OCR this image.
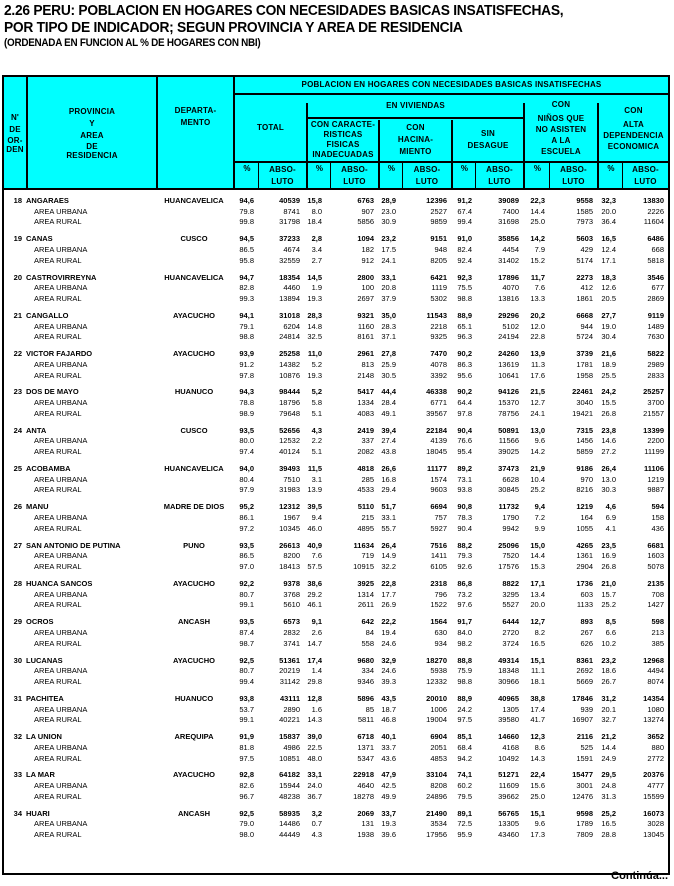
2.26 PERU: POBLACION EN HOGARES CON NECESIDADES BASICAS INSATISFECHAS,
POR TIPO DE INDICADOR; SEGUN PROVINCIA Y AREA DE RESIDENCIA
(ORDENADA EN FUNCION AL % DE HOGARES CON NBI)
N'
DE
OR-
DEN
PROVINCIA
Y
AREA
DE
RESIDENCIA
DEPARTA-
MENTO
POBLACION EN HOGARES CON NECESIDADES BASICAS INSATISFECHAS
TOTAL
EN VIVIENDAS
CON CARACTE-
RISTICAS
FISICAS
INADECUADAS
CON
HACINA-
MIENTO
SIN
DESAGUE
CON
NIÑOS QUE
NO ASISTEN
A LA
ESCUELA
CON
ALTA
DEPENDENCIA
ECONOMICA
%	ABSO-
LUTO
%	ABSO-
LUTO
%	ABSO-
LUTO
%	ABSO-
LUTO
%	ABSO-
LUTO
%	ABSO-
LUTO
18 ANGARAES	HUANCAVELICA	94,6	40539 15,8	6763 28,9	12396	91,2	39089	22,3	9558	32,3	13830
AREA URBANA	79.8	8741	8.0	907 23.0	2527	67.4	7400	14.4	1585	20.0	2226
AREA RURAL	99.8	31798 18.4	5856 30.9	9859	99.4	31698	25.0	7973	36.4	11604
19 CANAS	CUSCO	94,5	37233	2,8	1094 23,2	9151	91,0	35856	14,2	5603	16,5	6486
AREA URBANA	86.5	4674	3.4	182 17.5	948	82.4	4454	7.9	429	12.4	668
AREA RURAL	95.8	32559	2.7	912 24.1	8205	92.4	31402	15.2	5174	17.1	5818
20 CASTROVIRREYNA	HUANCAVELICA	94,7	18354 14,5	2800 33,1	6421	92,3	17896	11,7	2273	18,3	3546
AREA URBANA	82.8	4460	1.9	100 20.8	1119	75.5	4070	7.6	412	12.6	677
AREA RURAL	99.3	13894 19.3	2697 37.9	5302	98.8	13816	13.3	1861	20.5	2869
21 CANGALLO	AYACUCHO	94,1	31018 28,3	9321 35,0	11543	88,9	29296	20,2	6668	27,7	9119
AREA URBANA	79.1	6204 14.8	1160 28.3	2218	65.1	5102	12.0	944	19.0	1489
AREA RURAL	98.8	24814 32.5	8161 37.1	9325	96.3	24194	22.8	5724	30.4	7630
22 VICTOR FAJARDO	AYACUCHO	93,9	25258	11,0	2961 27,8	7470	90,2	24260	13,9	3739	21,6	5822
AREA URBANA	91.2	14382	5.2	813 25.9	4078	86.3	13619	11.3	1781	18.9	2989
AREA RURAL	97.8	10876 19.3	2148 30.5	3392	95.6	10641	17.6	1958	25.5	2833
23 DOS DE MAYO	HUANUCO	94,3	98444	5,2	5417 44,4	46338	90,2	94126	21,5	22461	24,2	25257
AREA URBANA	78.8	18796	5.8	1334 28.4	6771	64.4	15370	12.7	3040	15.5	3700
AREA RURAL	98.9	79648	5.1	4083 49.1	39567	97.8	78756	24.1	19421	26.8	21557
24 ANTA	CUSCO	93,5	52656	4,3	2419 39,4	22184	90,4	50891	13,0	7315	23,8	13399
AREA URBANA	80.0	12532	2.2	337 27.4	4139	76.6	11566	9.6	1456	14.6	2200
AREA RURAL	97.4	40124	5.1	2082 43.8	18045	95.4	39025	14.2	5859	27.2	11199
25 ACOBAMBA	HUANCAVELICA	94,0	39493	11,5	4818 26,6	11177	89,2	37473	21,9	9186	26,4	11106
AREA URBANA	80.4	7510	3.1	285 16.8	1574	73.1	6628	10.4	970	13.0	1219
AREA RURAL	97.9	31983 13.9	4533 29.4	9603	93.8	30845	25.2	8216	30.3	9887
26 MANU	MADRE DE DIOS	95,2	12312 39,5	5110 51,7	6694	90,8	11732	9,4	1219	4,6	594
AREA URBANA	86.1	1967	9.4	215 33.1	757	78.3	1790	7.2	164	6.9	158
AREA RURAL	97.2	10345 46.0	4895 55.7	5927	90.4	9942	9.9	1055	4.1	436
27 SAN ANTONIO DE PUTINA	PUNO	93,5	26613 40,9	11634 26,4	7516	88,2	25096	15,0	4265	23,5	6681
AREA URBANA	86.5	8200	7.6	719 14.9	1411	79.3	7520	14.4	1361	16.9	1603
AREA RURAL	97.0	18413 57.5	10915 32.2	6105	92.6	17576	15.3	2904	26.8	5078
28 HUANCA SANCOS	AYACUCHO	92,2	9378 38,6	3925 22,8	2318	86,8	8822	17,1	1736	21,0	2135
AREA URBANA	80.7	3768 29.2	1314 17.7	796	73.2	3295	13.4	603	15.7	708
AREA RURAL	99.1	5610 46.1	2611 26.9	1522	97.6	5527	20.0	1133	25.2	1427
29 OCROS	ANCASH	93,5	6573	9,1	642 22,2	1564	91,7	6444	12,7	893	8,5	598
AREA URBANA	87.4	2832	2.6	84 19.4	630	84.0	2720	8.2	267	6.6	213
AREA RURAL	98.7	3741 14.7	558 24.6	934	98.2	3724	16.5	626	10.2	385
30 LUCANAS	AYACUCHO	92,5	51361 17,4	9680 32,9	18270	88,8	49314	15,1	8361	23,2	12968
AREA URBANA	80.7	20219	1.4	334 24.6	5938	75.9	18348	11.1	2692	18.6	4494
AREA RURAL	99.4	31142 29.8	9346 39.3	12332	98.8	30966	18.1	5669	26.7	8074
31 PACHITEA	HUANUCO	93,8	43111 12,8	5896 43,5	20010	88,9	40965	38,8	17846	31,2	14354
AREA URBANA	53.7	2890	1.6	85 18.7	1006	24.2	1305	17.4	939	20.1	1080
AREA RURAL	99.1	40221 14.3	5811 46.8	19004	97.5	39580	41.7	16907	32.7	13274
32 LA UNION	AREQUIPA	91,9	15837 39,0	6718 40,1	6904	85,1	14660	12,3	2116	21,2	3652
AREA URBANA	81.8	4986 22.5	1371 33.7	2051	68.4	4168	8.6	525	14.4	880
AREA RURAL	97.5	10851 48.0	5347 43.6	4853	94.2	10492	14.3	1591	24.9	2772
33 LA MAR	AYACUCHO	92,8	64182 33,1	22918 47,9	33104	74,1	51271	22,4	15477	29,5	20376
AREA URBANA	82.6	15944 24.0	4640 42.5	8208	60.2	11609	15.6	3001	24.8	4777
AREA RURAL	96.7	48238 36.7	18278 49.9	24896	79.5	39662	25.0	12476	31.3	15599
34 HUARI	ANCASH	92,5	58935	3,2	2069 33,7	21490	89,1	56765	15,1	9598	25,2	16073
AREA URBANA	79.0	14486	0.7	131 19.3	3534	72.5	13305	9.6	1789	16.5	3028
AREA RURAL	98.0	44449	4.3	1938 39.6	17956	95.9	43460	17.3	7809	28.8	13045
Continúa...
